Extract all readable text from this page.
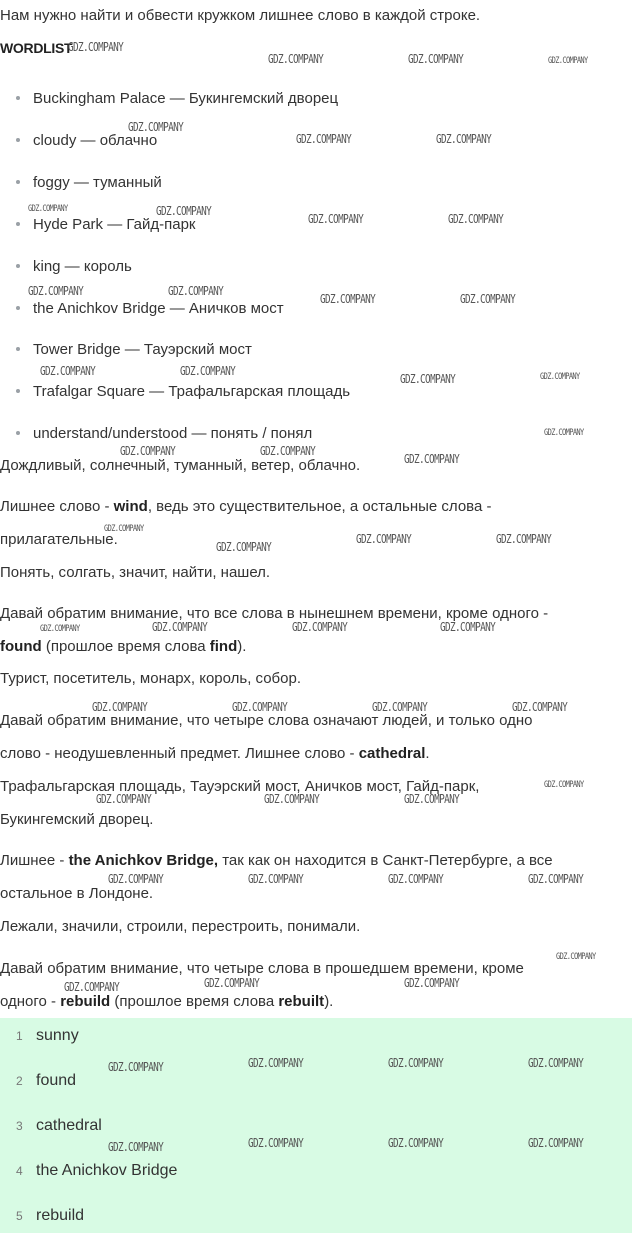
Нам нужно найти и обвести кружком лишнее слово в каждой строке.
WORDLIST
Buckingham Palace — Букингемский дворец
cloudy — облачно
foggy — туманный
Hyde Park — Гайд-парк
king — король
the Anichkov Bridge — Аничков мост
Tower Bridge — Тауэрский мост
Trafalgar Square — Трафальгарская площадь
understand/understood — понять / понял
Дождливый, солнечный, туманный, ветер, облачно.
Лишнее слово - wind, ведь это существительное, а остальные слова -
прилагательные.
Понять, солгать, значит, найти, нашел.
Давай обратим внимание, что все слова в нынешнем времени, кроме одного -
found (прошлое время слова find).
Турист, посетитель, монарх, король, собор.
Давай обратим внимание, что четыре слова означают людей, и только одно
слово - неодушевленный предмет. Лишнее слово - cathedral.
Трафальгарская площадь, Тауэрский мост, Аничков мост, Гайд-парк,
Букингемский дворец.
Лишнее - the Anichkov Bridge, так как он находится в Санкт-Петербурге, а все
остальное в Лондоне.
Лежали, значили, строили, перестроить, понимали.
Давай обратим внимание, что четыре слова в прошедшем времени, кроме
одного - rebuild (прошлое время слова rebuilt).
1 sunny
2 found
3 cathedral
4 the Anichkov Bridge
5 rebuild
GDZ.COMPANY
GDZ.COMPANY	GDZ.COMPANY	GDZ.COMPANY
GDZ.COMPANY
GDZ.COMPANY	GDZ.COMPANY
GDZ.COMPANY	GDZ.COMPANY
GDZ.COMPANY	GDZ.COMPANY
GDZ.COMPANY	GDZ.COMPANY
GDZ.COMPANY	GDZ.COMPANY
GDZ.COMPANY	GDZ.COMPANY
GDZ.COMPANY	GDZ.COMPANY
GDZ.COMPANY
GDZ.COMPANY	GDZ.COMPANY
GDZ.COMPANY
GDZ.COMPANY
GDZ.COMPANY
GDZ.COMPANY	GDZ.COMPANY
GDZ.COMPANY	GDZ.COMPANY	GDZ.COMPANY	GDZ.COMPANY
GDZ.COMPANY	GDZ.COMPANY	GDZ.COMPANY	GDZ.COMPANY
GDZ.COMPANY
GDZ.COMPANY	GDZ.COMPANY	GDZ.COMPANY
GDZ.COMPANY	GDZ.COMPANY	GDZ.COMPANY	GDZ.COMPANY
GDZ.COMPANY
GDZ.COMPANY	GDZ.COMPANY	GDZ.COMPANY
GDZ.COMPANY	GDZ.COMPANY	GDZ.COMPANY	GDZ.COMPANY
GDZ.COMPANY	GDZ.COMPANY	GDZ.COMPANY	GDZ.COMPANY
